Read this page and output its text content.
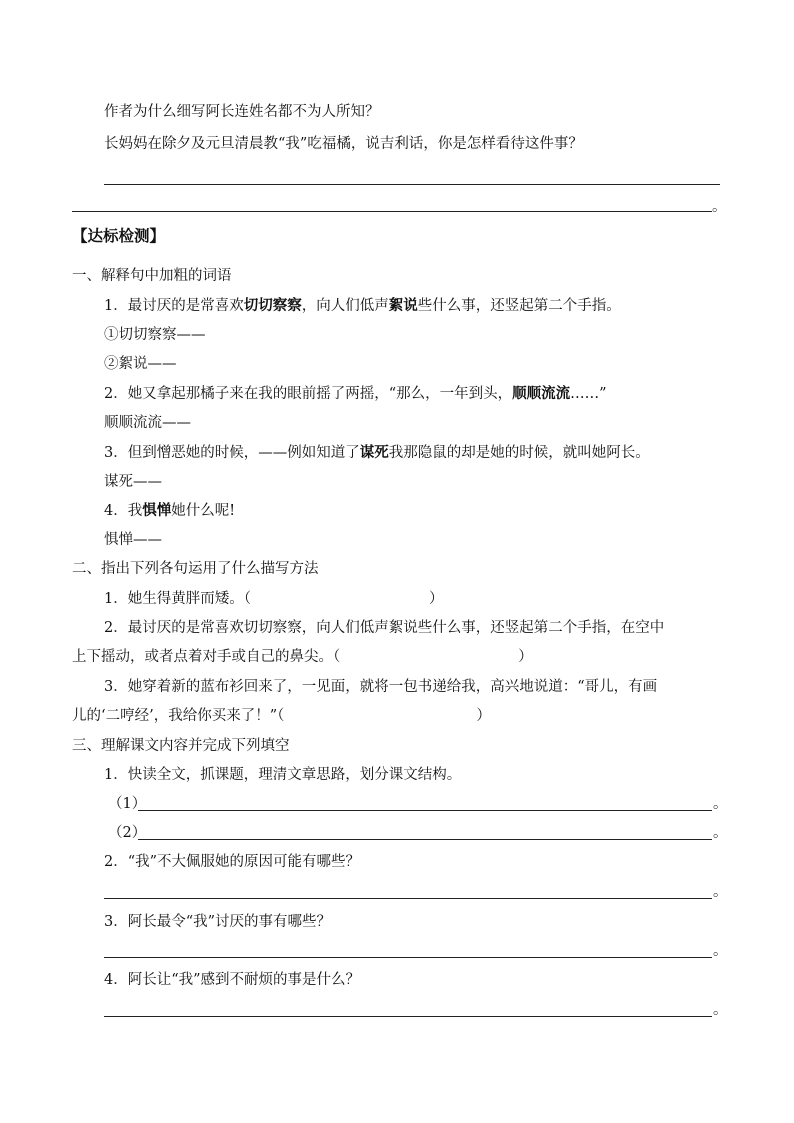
作者为什么细写阿长连姓名都不为人所知？
长妈妈在除夕及元旦清晨教“我”吃福橘，说吉利话，你是怎样看待这件事？
。
【达标检测】
一、解释句中加粗的词语
1．最讨厌的是常喜欢切切察察，向人们低声絮说些什么事，还竖起第二个手指。
①切切察察——
②絮说——
2．她又拿起那橘子来在我的眼前摇了两摇，“那么，一年到头，顺顺流流……”
顺顺流流——
3．但到憎恶她的时候，——例如知道了谋死我那隐鼠的却是她的时候，就叫她阿长。
谋死——
4．我惧惮她什么呢!
惧惮——
二、指出下列各句运用了什么描写方法
1．她生得黄胖而矮。（	）
2．最讨厌的是常喜欢切切察察，向人们低声絮说些什么事，还竖起第二个手指，在空中
上下摇动，或者点着对手或自己的鼻尖。（	）
3．她穿着新的蓝布衫回来了，一见面，就将一包书递给我，高兴地说道：“哥儿，有画
儿的‘二哼经’，我给你买来了！”（	）
三、理解课文内容并完成下列填空
1．快读全文，抓课题，理清文章思路，划分课文结构。
（1）	。
（2）	。
2．“我”不大佩服她的原因可能有哪些？
。
3．阿长最令“我”讨厌的事有哪些？
。
4．阿长让“我”感到不耐烦的事是什么？
。
